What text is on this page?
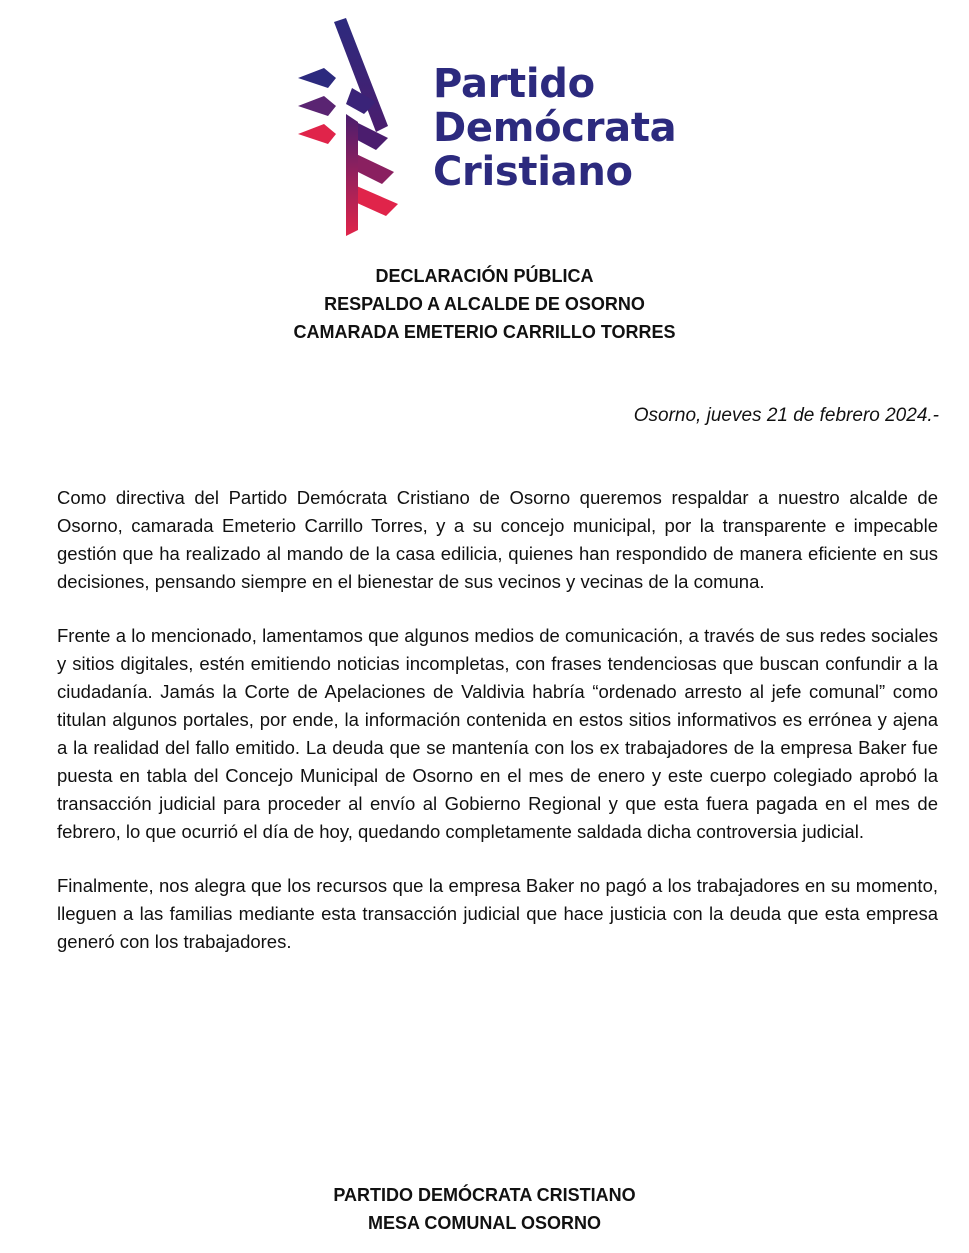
Partido
Demócrata
Cristiano
DECLARACIÓN PÚBLICA
RESPALDO A ALCALDE DE OSORNO
CAMARADA EMETERIO CARRILLO TORRES
Osorno, jueves 21 de febrero 2024.-

Como directiva del Partido Demócrata Cristiano de Osorno queremos respaldar a nuestro alcalde de Osorno, camarada Emeterio Carrillo Torres, y a su concejo municipal, por la transparente e impecable gestión que ha realizado al mando de la casa edilicia, quienes han respondido de manera eficiente en sus decisiones, pensando siempre en el bienestar de sus vecinos y vecinas de la comuna.

Frente a lo mencionado, lamentamos que algunos medios de comunicación, a través de sus redes sociales y sitios digitales, estén emitiendo noticias incompletas, con frases tendenciosas que buscan confundir a la ciudadanía. Jamás la Corte de Apelaciones de Valdivia habría “ordenado arresto al jefe comunal” como titulan algunos portales, por ende, la información contenida en estos sitios informativos es errónea y ajena a la realidad del fallo emitido. La deuda que se mantenía con los ex trabajadores de la empresa Baker fue puesta en tabla del Concejo Municipal de Osorno en el mes de enero y este cuerpo colegiado aprobó la transacción judicial para proceder al envío al Gobierno Regional y que esta fuera pagada en el mes de febrero, lo que ocurrió el día de hoy, quedando completamente saldada dicha controversia judicial.

Finalmente, nos alegra que los recursos que la empresa Baker no pagó a los trabajadores en su momento, lleguen a las familias mediante esta transacción judicial que hace justicia con la deuda que esta empresa generó con los trabajadores.

PARTIDO DEMÓCRATA CRISTIANO
MESA COMUNAL OSORNO
